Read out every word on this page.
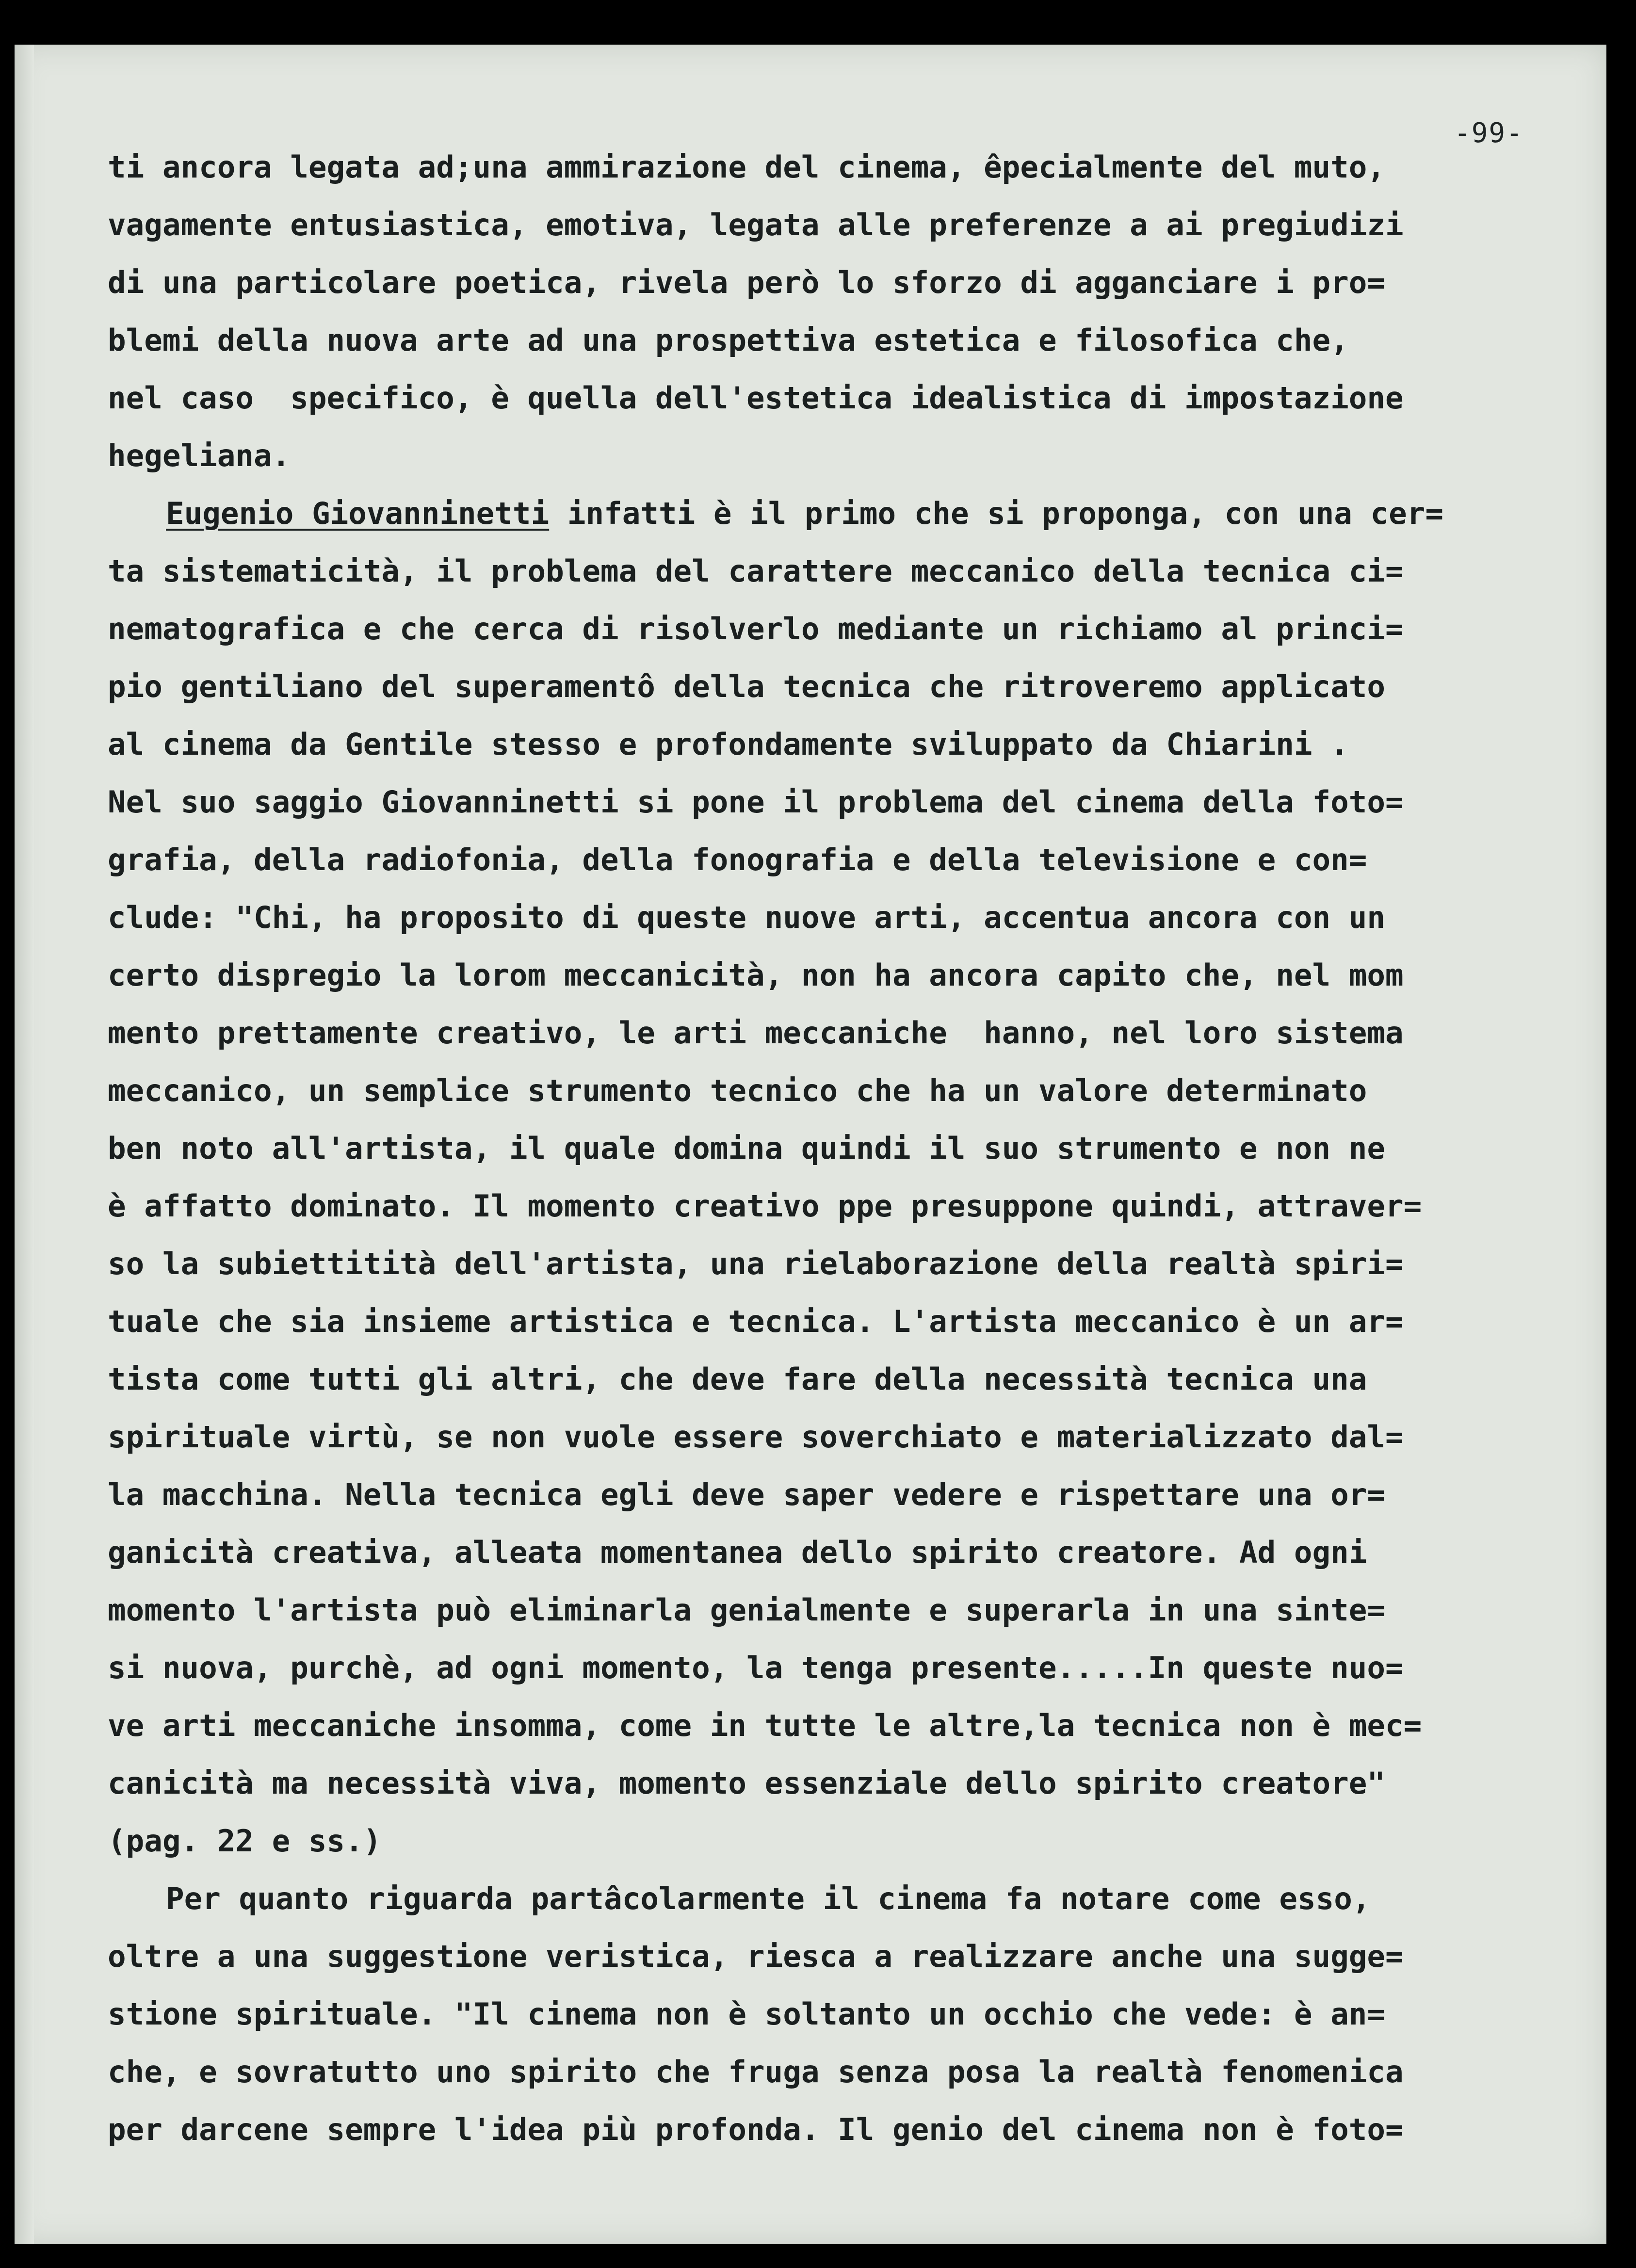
-99-
ti ancora legata ad;una ammirazione del cinema, êpecialmente del muto,
vagamente entusiastica, emotiva, legata alle preferenze a ai pregiudizi
di una particolare poetica, rivela però lo sforzo di agganciare i pro=
blemi della nuova arte ad una prospettiva estetica e filosofica che,
nel caso  specifico, è quella dell'estetica idealistica di impostazione
hegeliana.
Eugenio Giovanninetti infatti è il primo che si proponga, con una cer=
ta sistematicità, il problema del carattere meccanico della tecnica ci=
nematografica e che cerca di risolverlo mediante un richiamo al princi=
pio gentiliano del superamentô della tecnica che ritroveremo applicato
al cinema da Gentile stesso e profondamente sviluppato da Chiarini .
Nel suo saggio Giovanninetti si pone il problema del cinema della foto=
grafia, della radiofonia, della fonografia e della televisione e con=
clude: "Chi, ha proposito di queste nuove arti, accentua ancora con un
certo dispregio la lorom meccanicità, non ha ancora capito che, nel mom
mento prettamente creativo, le arti meccaniche  hanno, nel loro sistema
meccanico, un semplice strumento tecnico che ha un valore determinato
ben noto all'artista, il quale domina quindi il suo strumento e non ne
è affatto dominato. Il momento creativo ppe presuppone quindi, attraver=
so la subiettitità dell'artista, una rielaborazione della realtà spiri=
tuale che sia insieme artistica e tecnica. L'artista meccanico è un ar=
tista come tutti gli altri, che deve fare della necessità tecnica una
spirituale virtù, se non vuole essere soverchiato e materializzato dal=
la macchina. Nella tecnica egli deve saper vedere e rispettare una or=
ganicità creativa, alleata momentanea dello spirito creatore. Ad ogni
momento l'artista può eliminarla genialmente e superarla in una sinte=
si nuova, purchè, ad ogni momento, la tenga presente.....In queste nuo=
ve arti meccaniche insomma, come in tutte le altre,la tecnica non è mec=
canicità ma necessità viva, momento essenziale dello spirito creatore"
(pag. 22 e ss.)
Per quanto riguarda partâcolarmente il cinema fa notare come esso,
oltre a una suggestione veristica, riesca a realizzare anche una sugge=
stione spirituale. "Il cinema non è soltanto un occhio che vede: è an=
che, e sovratutto uno spirito che fruga senza posa la realtà fenomenica
per darcene sempre l'idea più profonda. Il genio del cinema non è foto=
